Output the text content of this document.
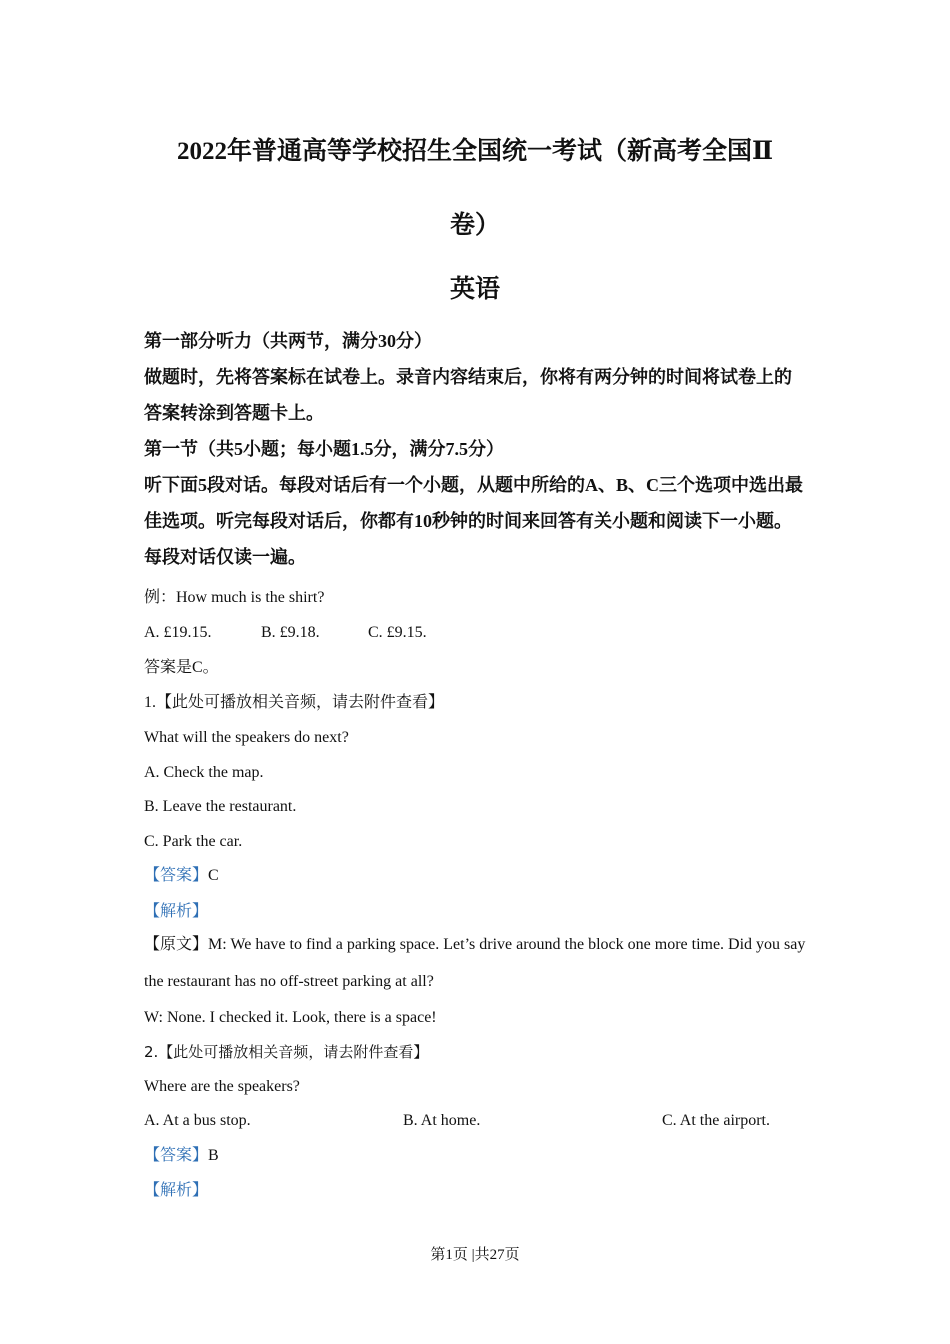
2022年普通高等学校招生全国统一考试（新高考全国Ⅱ
卷）
英语

第一部分听力（共两节，满分30分）

做题时，先将答案标在试卷上。录音内容结束后，你将有两分钟的时间将试卷上的答案转涂到答题卡上。

第一节（共5小题；每小题1.5分，满分7.5分）

听下面5段对话。每段对话后有一个小题，从题中所给的A、B、C三个选项中选出最佳选项。听完每段对话后，你都有10秒钟的时间来回答有关小题和阅读下一小题。每段对话仅读一遍。

例：How much is the shirt?
A. £19.15.	B. £9.18.	C. £9.15.
答案是C。
1.【此处可播放相关音频，请去附件查看】
What will the speakers do next?
A. Check the map.
B. Leave the restaurant.
C. Park the car.
【答案】C
【解析】
【原文】M: We have to find a parking space. Let’s drive around the block one more time. Did you say the restaurant has no off-street parking at all?
W: None. I checked it. Look, there is a space!
2.【此处可播放相关音频，请去附件查看】
Where are the speakers?
A. At a bus stop.	B. At home.	C. At the airport.
【答案】B
【解析】
第1页 |共27页
